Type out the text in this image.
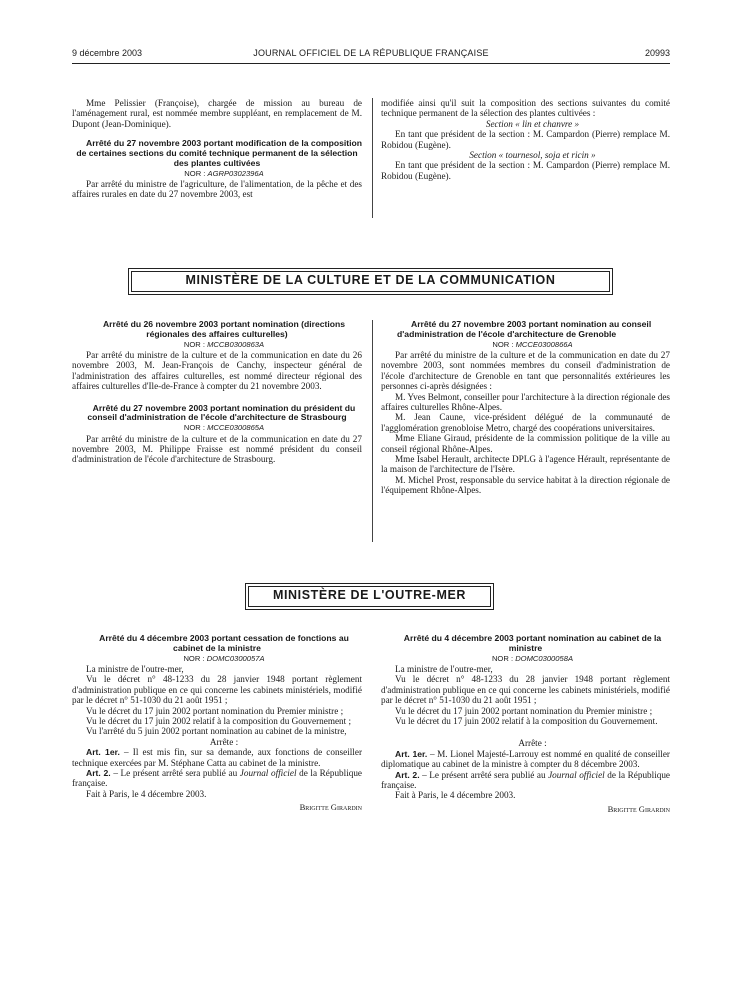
9 décembre 2003	JOURNAL OFFICIEL DE LA RÉPUBLIQUE FRANÇAISE	20993

Mme Pelissier (Françoise), chargée de mission au bureau de l'aménagement rural, est nommée membre suppléant, en remplacement de M. Dupont (Jean-Dominique).

Arrêté du 27 novembre 2003 portant modification de la composition de certaines sections du comité technique permanent de la sélection des plantes cultivées

NOR : AGRP0302396A

Par arrêté du ministre de l'agriculture, de l'alimentation, de la pêche et des affaires rurales en date du 27 novembre 2003, est

modifiée ainsi qu'il suit la composition des sections suivantes du comité technique permanent de la sélection des plantes cultivées :

Section « lin et chanvre »

En tant que président de la section : M. Campardon (Pierre) remplace M. Robidou (Eugène).

Section « tournesol, soja et ricin »

En tant que président de la section : M. Campardon (Pierre) remplace M. Robidou (Eugène).

MINISTÈRE DE LA CULTURE ET DE LA COMMUNICATION

Arrêté du 26 novembre 2003 portant nomination (directions régionales des affaires culturelles)

NOR : MCCB0300863A

Par arrêté du ministre de la culture et de la communication en date du 26 novembre 2003, M. Jean-François de Canchy, inspecteur général de l'administration des affaires culturelles, est nommé directeur régional des affaires culturelles d'Ile-de-France à compter du 21 novembre 2003.

Arrêté du 27 novembre 2003 portant nomination du président du conseil d'administration de l'école d'architecture de Strasbourg

NOR : MCCE0300865A

Par arrêté du ministre de la culture et de la communication en date du 27 novembre 2003, M. Philippe Fraisse est nommé président du conseil d'administration de l'école d'architecture de Strasbourg.

Arrêté du 27 novembre 2003 portant nomination au conseil d'administration de l'école d'architecture de Grenoble

NOR : MCCE0300866A

Par arrêté du ministre de la culture et de la communication en date du 27 novembre 2003, sont nommées membres du conseil d'administration de l'école d'architecture de Grenoble en tant que personnalités extérieures les personnes ci-après désignées :

M. Yves Belmont, conseiller pour l'architecture à la direction régionale des affaires culturelles Rhône-Alpes.

M. Jean Caune, vice-président délégué de la communauté de l'agglomération grenobloise Metro, chargé des coopérations universitaires.

Mme Eliane Giraud, présidente de la commission politique de la ville au conseil régional Rhône-Alpes.

Mme Isabel Herault, architecte DPLG à l'agence Hérault, représentante de la maison de l'architecture de l'Isère.

M. Michel Prost, responsable du service habitat à la direction régionale de l'équipement Rhône-Alpes.

MINISTÈRE DE L'OUTRE-MER

Arrêté du 4 décembre 2003 portant cessation de fonctions au cabinet de la ministre

NOR : DOMC0300057A

La ministre de l'outre-mer,

Vu le décret n° 48-1233 du 28 janvier 1948 portant règlement d'administration publique en ce qui concerne les cabinets ministériels, modifié par le décret n° 51-1030 du 21 août 1951 ;

Vu le décret du 17 juin 2002 portant nomination du Premier ministre ;

Vu le décret du 17 juin 2002 relatif à la composition du Gouvernement ;

Vu l'arrêté du 5 juin 2002 portant nomination au cabinet de la ministre,

Arrête :

Art. 1er. – Il est mis fin, sur sa demande, aux fonctions de conseiller technique exercées par M. Stéphane Catta au cabinet de la ministre.

Art. 2. – Le présent arrêté sera publié au Journal officiel de la République française.

Fait à Paris, le 4 décembre 2003.

Brigitte Girardin

Arrêté du 4 décembre 2003 portant nomination au cabinet de la ministre

NOR : DOMC0300058A

La ministre de l'outre-mer,

Vu le décret n° 48-1233 du 28 janvier 1948 portant règlement d'administration publique en ce qui concerne les cabinets ministériels, modifié par le décret n° 51-1030 du 21 août 1951 ;

Vu le décret du 17 juin 2002 portant nomination du Premier ministre ;

Vu le décret du 17 juin 2002 relatif à la composition du Gouvernement.

Arrête :

Art. 1er. – M. Lionel Majesté-Larrouy est nommé en qualité de conseiller diplomatique au cabinet de la ministre à compter du 8 décembre 2003.

Art. 2. – Le présent arrêté sera publié au Journal officiel de la République française.

Fait à Paris, le 4 décembre 2003.

Brigitte Girardin
